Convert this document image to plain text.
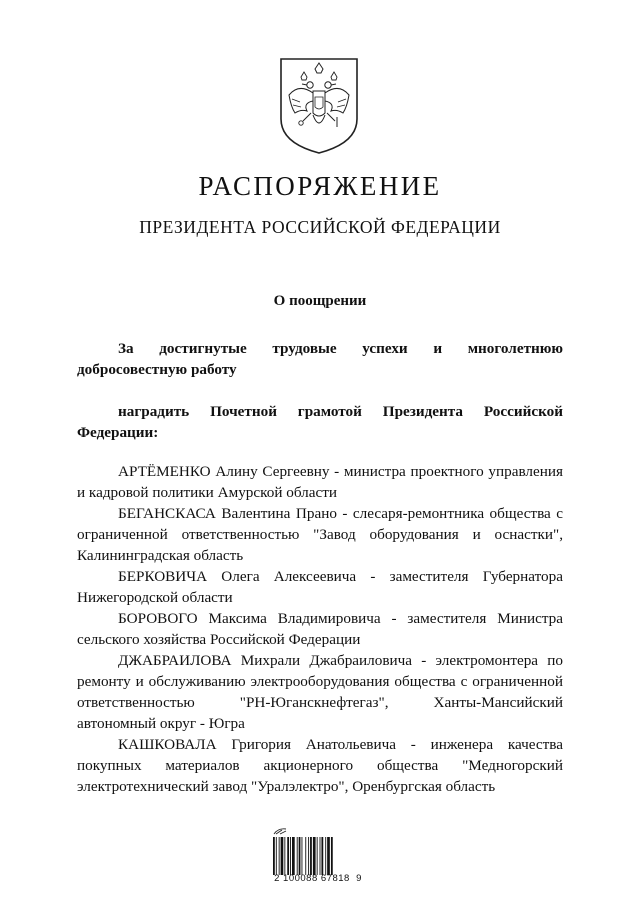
РАСПОРЯЖЕНИЕ
ПРЕЗИДЕНТА РОССИЙСКОЙ ФЕДЕРАЦИИ
О поощрении

За достигнутые трудовые успехи и многолетнюю добросовестную работу

наградить Почетной грамотой Президента Российской Федерации:

АРТЁМЕНКО Алину Сергеевну - министра проектного управления и кадровой политики Амурской области

БЕГАНСКАСА Валентина Прано - слесаря-ремонтника общества с ограниченной ответственностью "Завод оборудования и оснастки", Калининградская область

БЕРКОВИЧА Олега Алексеевича - заместителя Губернатора Нижегородской области

БОРОВОГО Максима Владимировича - заместителя Министра сельского хозяйства Российской Федерации

ДЖАБРАИЛОВА Михрали Джабраиловича - электромонтера по ремонту и обслуживанию электрооборудования общества с ограниченной ответственностью "РН-Юганскнефтегаз", Ханты-Мансийский автономный округ - Югра

КАШКОВАЛА Григория Анатольевича - инженера качества покупных материалов акционерного общества "Медногорский электротехнический завод "Уралэлектро", Оренбургская область

2 100088 67818  9
